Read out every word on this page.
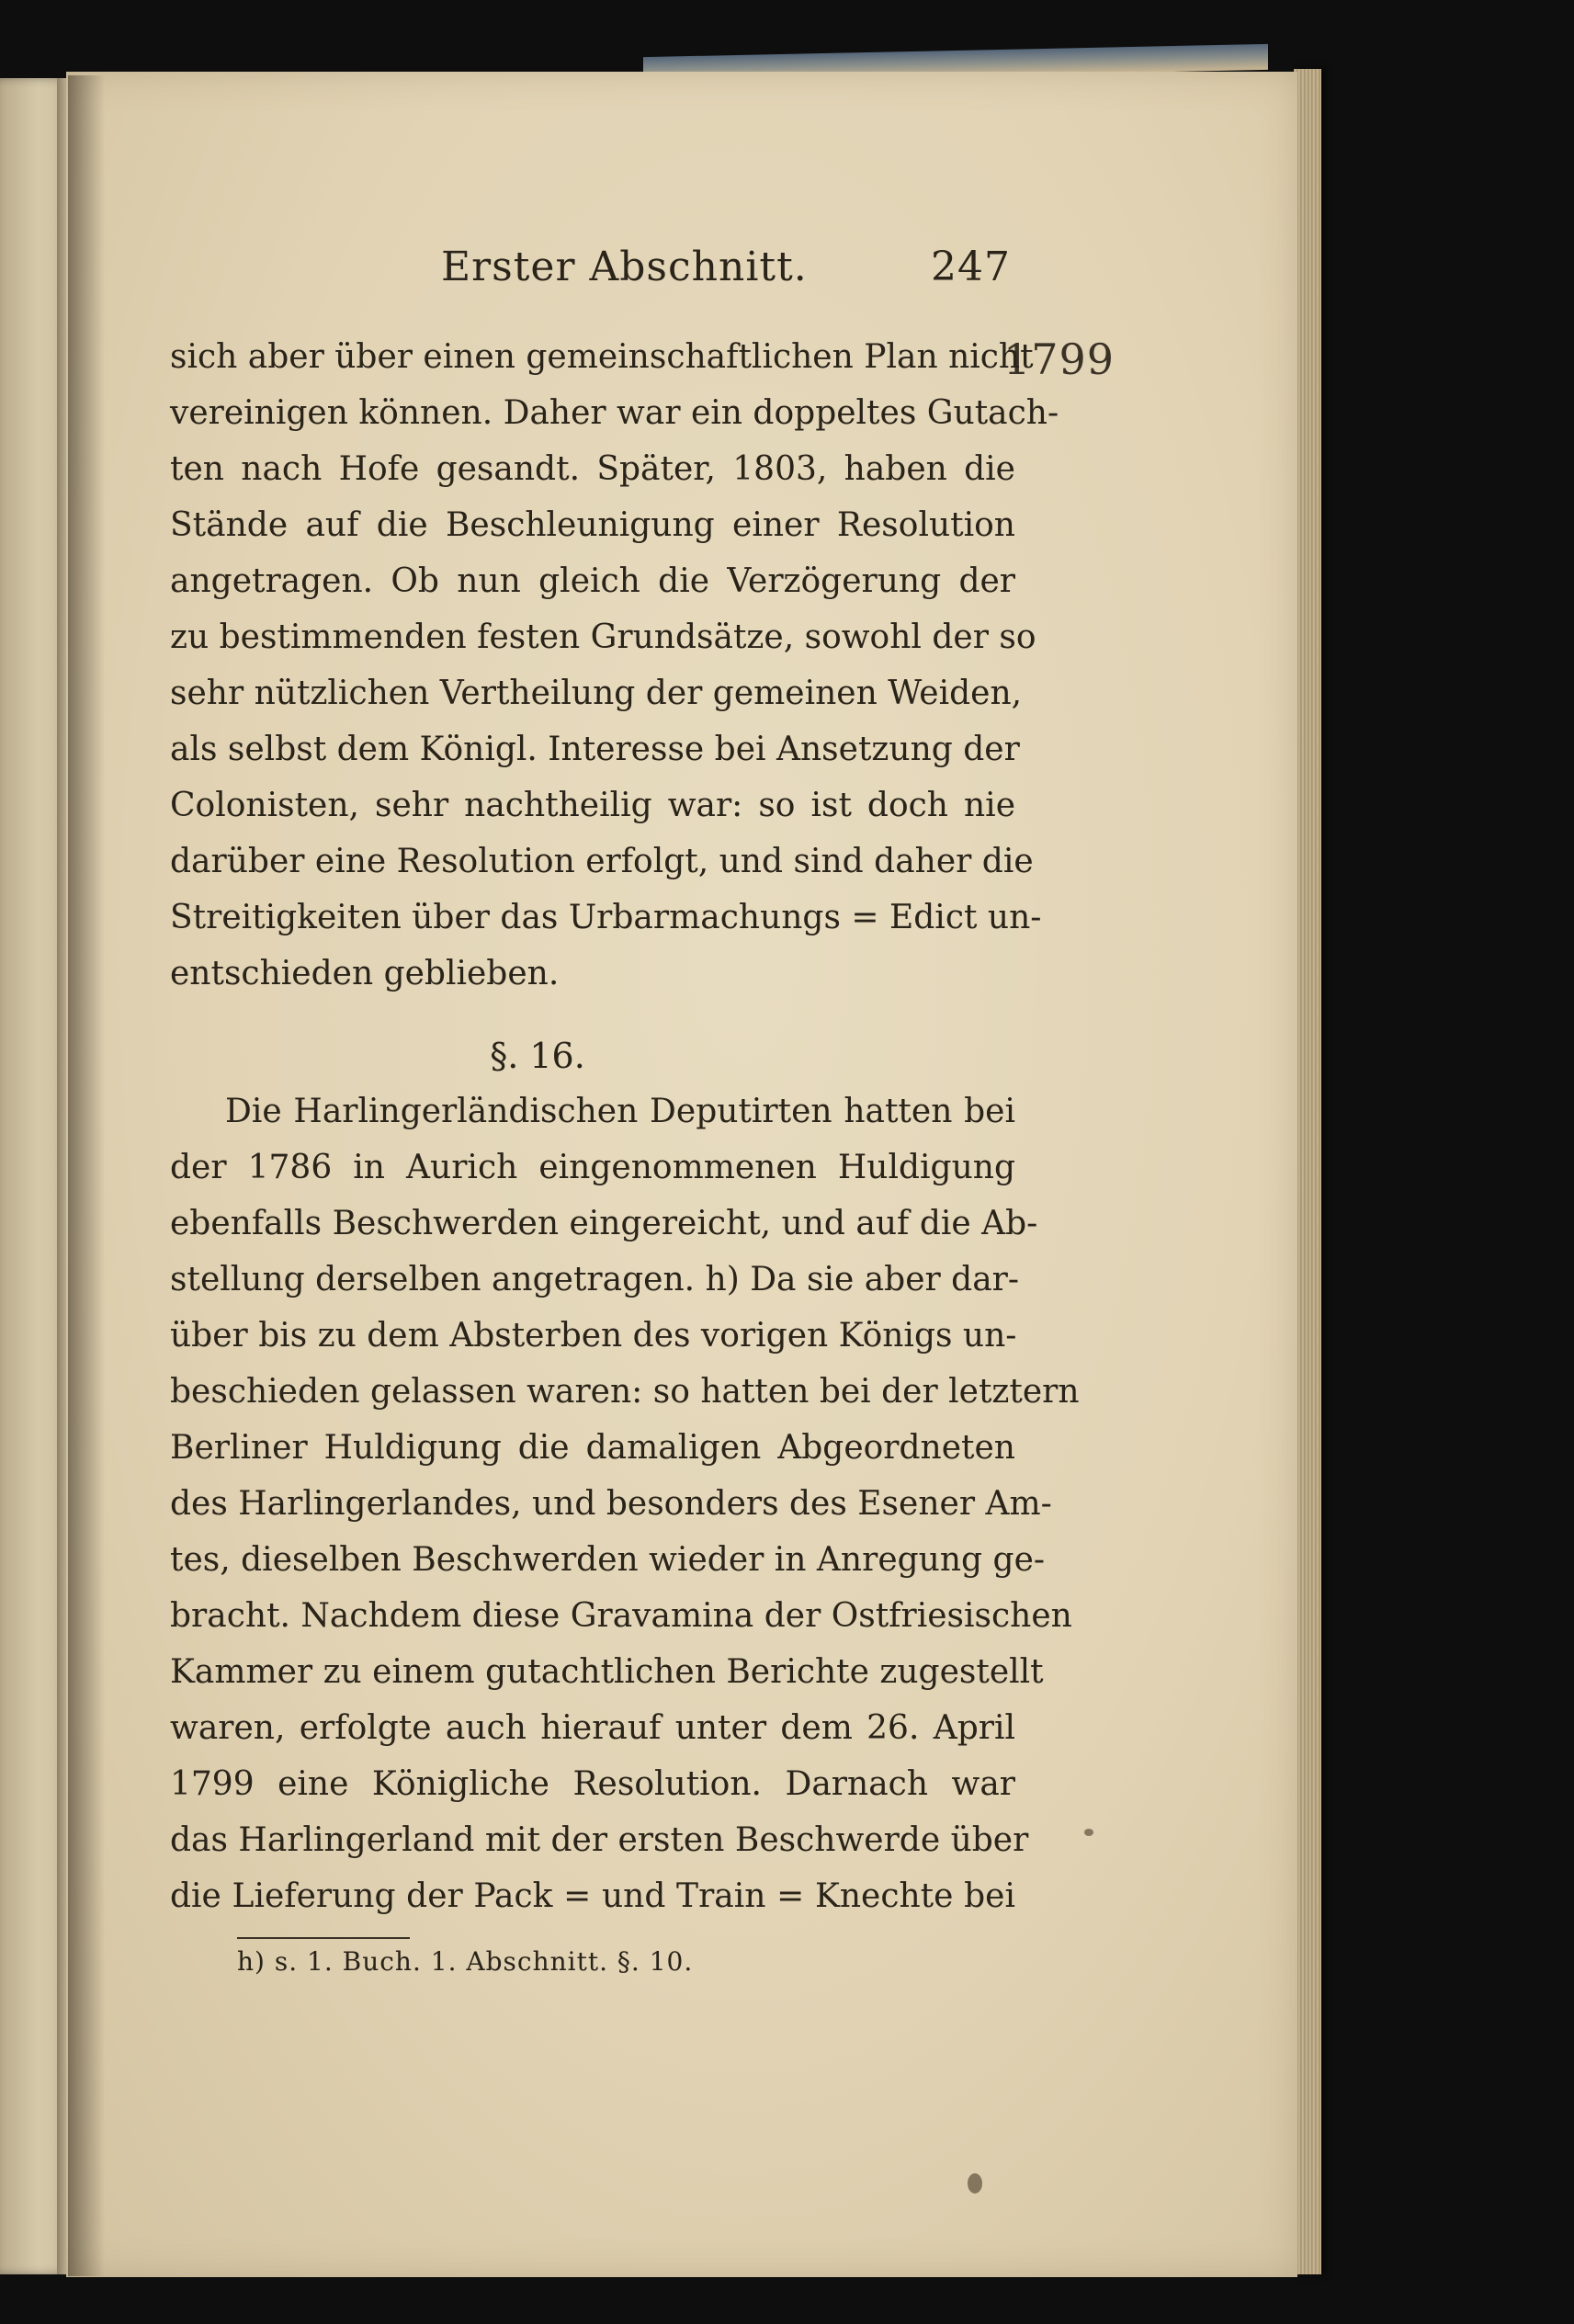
Erster Abschnitt.	247
1799
sich aber über einen gemeinschaftlichen Plan nicht
vereinigen können. Daher war ein doppeltes Gutach-
ten nach Hofe gesandt. Später, 1803, haben die
Stände auf die Beschleunigung einer Resolution
angetragen. Ob nun gleich die Verzögerung der
zu bestimmenden festen Grundsätze, sowohl der so
sehr nützlichen Vertheilung der gemeinen Weiden,
als selbst dem Königl. Interesse bei Ansetzung der
Colonisten, sehr nachtheilig war: so ist doch nie
darüber eine Resolution erfolgt, und sind daher die
Streitigkeiten über das Urbarmachungs = Edict un-
entschieden geblieben.
§. 16.
Die Harlingerländischen Deputirten hatten bei
der 1786 in Aurich eingenommenen Huldigung
ebenfalls Beschwerden eingereicht, und auf die Ab-
stellung derselben angetragen. h) Da sie aber dar-
über bis zu dem Absterben des vorigen Königs un-
beschieden gelassen waren: so hatten bei der letztern
Berliner Huldigung die damaligen Abgeordneten
des Harlingerlandes, und besonders des Esener Am-
tes, dieselben Beschwerden wieder in Anregung ge-
bracht. Nachdem diese Gravamina der Ostfriesischen
Kammer zu einem gutachtlichen Berichte zugestellt
waren, erfolgte auch hierauf unter dem 26. April
1799 eine Königliche Resolution. Darnach war
das Harlingerland mit der ersten Beschwerde über
die Lieferung der Pack = und Train = Knechte bei
h) s. 1. Buch. 1. Abschnitt. §. 10.
